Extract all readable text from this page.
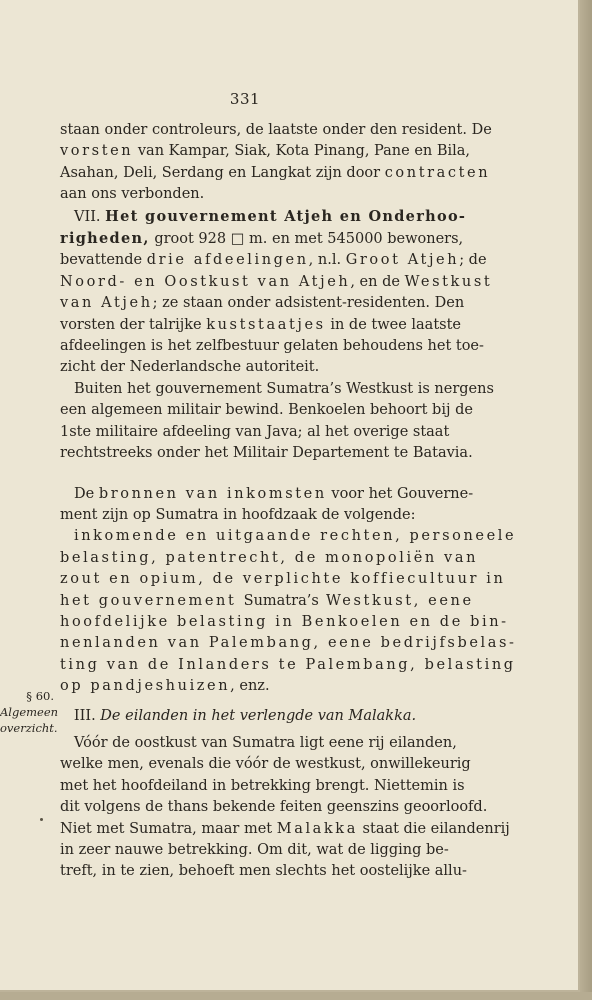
331
§ 60.
Algemeen
overzicht.

staan onder controleurs, de laatste onder den resident. De
vorsten van Kampar, Siak, Kota Pinang, Pane en Bila,
Asahan, Deli, Serdang en Langkat zijn door contracten
aan ons verbonden.

VII. Het gouvernement Atjeh en Onderhoo-
righeden, groot 928 □ m. en met 545000 bewoners,
bevattende drie afdeelingen, n.l. Groot Atjeh; de
Noord- en Oostkust van Atjeh, en de Westkust
van Atjeh; ze staan onder adsistent-residenten. Den
vorsten der talrijke kuststaatjes in de twee laatste
afdeelingen is het zelfbestuur gelaten behoudens het toe-
zicht der Nederlandsche autoriteit.

Buiten het gouvernement Sumatra’s Westkust is nergens
een algemeen militair bewind. Benkoelen behoort bij de
1ste militaire afdeeling van Java; al het overige staat
rechtstreeks onder het Militair Departement te Batavia.

De bronnen van inkomsten voor het Gouverne-
ment zijn op Sumatra in hoofdzaak de volgende:
inkomende en uitgaande rechten, personeele
belasting, patentrecht, de monopoliën van
zout en opium, de verplichte koffiecultuur in
het gouvernement Sumatra’s Westkust, eene
hoofdelijke belasting in Benkoelen en de bin-
nenlanden van Palembang, eene bedrijfsbelas-
ting van de Inlanders te Palembang, belasting
op pandjeshuizen, enz.

III. De eilanden in het verlengde van Malakka.

Vóór de oostkust van Sumatra ligt eene rij eilanden,
welke men, evenals die vóór de westkust, onwillekeurig
met het hoofdeiland in betrekking brengt. Niettemin is
dit volgens de thans bekende feiten geenszins geoorloofd.
Niet met Sumatra, maar met Malakka staat die eilandenrij
in zeer nauwe betrekking. Om dit, wat de ligging be-
treft, in te zien, behoeft men slechts het oostelijke allu-
